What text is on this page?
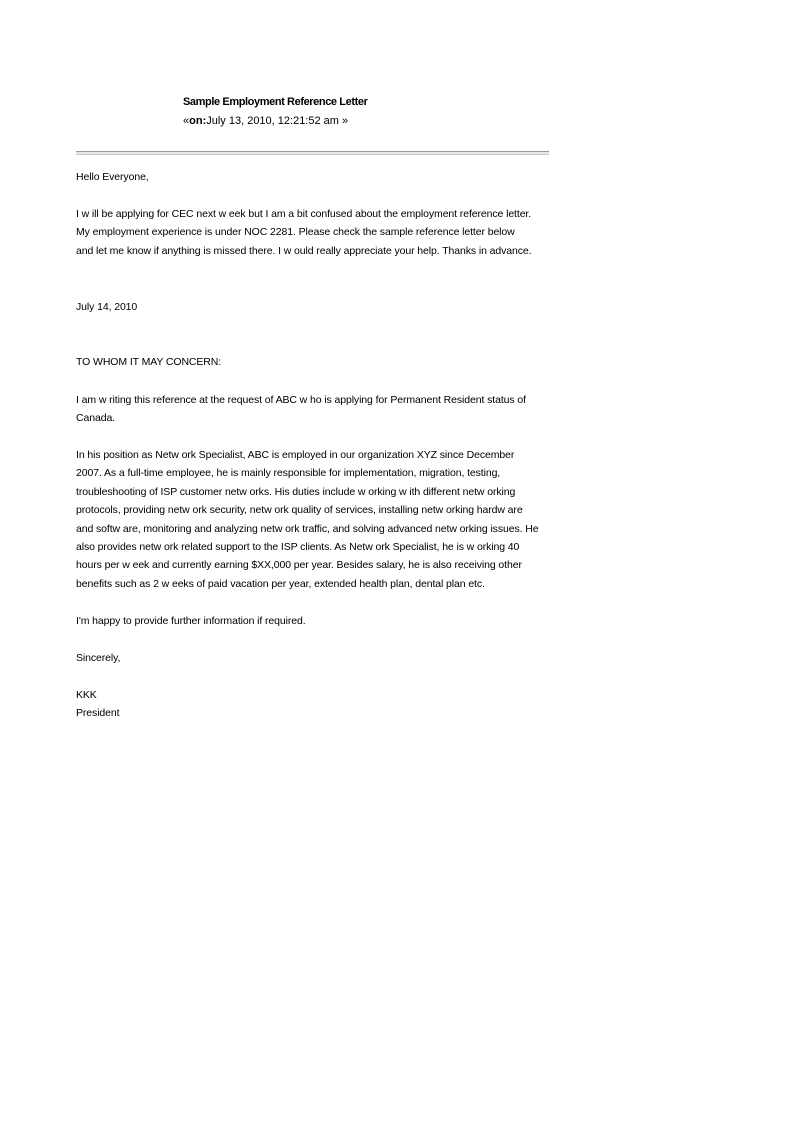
Sample Employment Reference Letter
«on:July 13, 2010, 12:21:52 am »
Hello Everyone,
I w ill be applying for CEC next w eek but I am a bit confused about the employment reference letter.
My employment experience is under NOC 2281. Please check the sample reference letter below
and let me know if anything is missed there. I w ould really appreciate your help. Thanks in advance.
July 14, 2010
TO WHOM IT MAY CONCERN:
I am w riting this reference at the request of ABC w ho is applying for Permanent Resident status of
Canada.
In his position as Netw ork Specialist, ABC is employed in our organization XYZ since December
2007. As a full-time employee, he is mainly responsible for implementation, migration, testing,
troubleshooting of ISP customer netw orks. His duties include w orking w ith different netw orking
protocols, providing netw ork security, netw ork quality of services, installing netw orking hardw are
and softw are, monitoring and analyzing netw ork traffic, and solving advanced netw orking issues. He
also provides netw ork related support to the ISP clients. As Netw ork Specialist, he is w orking 40
hours per w eek and currently earning $XX,000 per year. Besides salary, he is also receiving other
benefits such as 2 w eeks of paid vacation per year, extended health plan, dental plan etc.
I'm happy to provide further information if required.
Sincerely,
KKK
President
